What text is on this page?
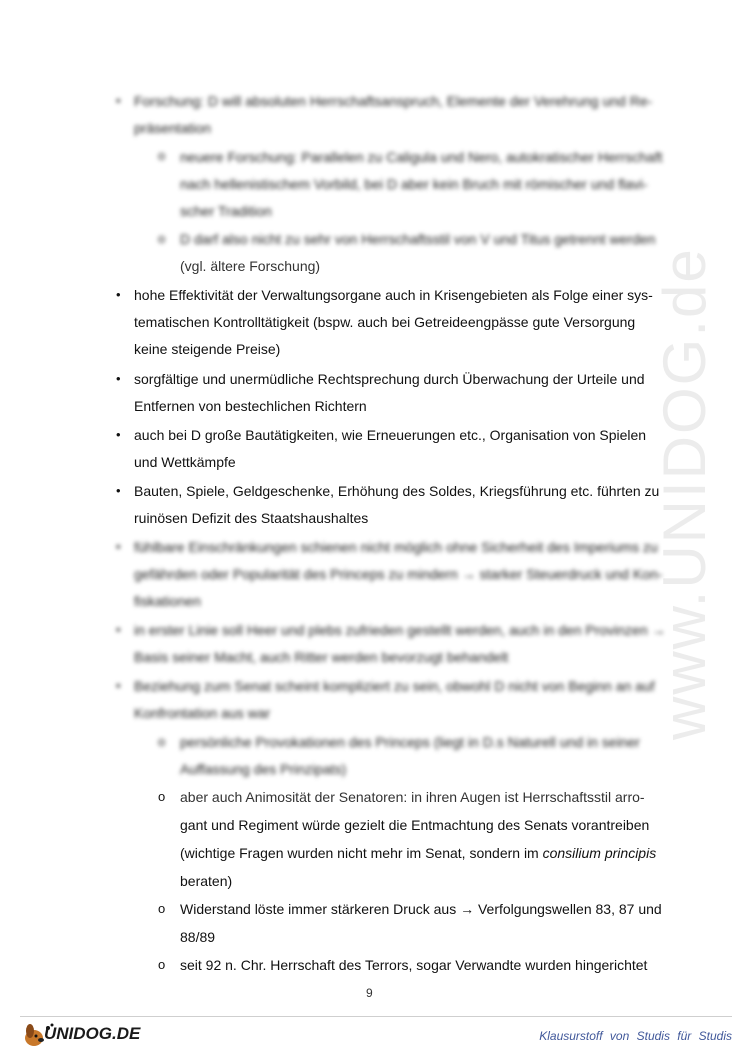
www.UNIDOG.de
• Forschung: D will absoluten Herrschaftsanspruch, Elemente der Verehrung und Re-
präsentation
o neuere Forschung: Parallelen zu Caligula und Nero, autokratischer Herrschaft
nach hellenistischem Vorbild, bei D aber kein Bruch mit römischer und flavi-
scher Tradition
o D darf also nicht zu sehr von Herrschaftsstil von V und Titus getrennt werden
(vgl. ältere Forschung)
• hohe Effektivität der Verwaltungsorgane auch in Krisengebieten als Folge einer sys-
tematischen Kontrolltätigkeit (bspw. auch bei Getreideengpässe gute Versorgung
keine steigende Preise)
• sorgfältige und unermüdliche Rechtsprechung durch Überwachung der Urteile und
Entfernen von bestechlichen Richtern
• auch bei D große Bautätigkeiten, wie Erneuerungen etc., Organisation von Spielen
und Wettkämpfe
• Bauten, Spiele, Geldgeschenke, Erhöhung des Soldes, Kriegsführung etc. führten zu
ruinösen Defizit des Staatshaushaltes
• fühlbare Einschränkungen schienen nicht möglich ohne Sicherheit des Imperiums zu
gefährden oder Popularität des Princeps zu mindern → starker Steuerdruck und Kon-
fiskationen
• in erster Linie soll Heer und plebs zufrieden gestellt werden, auch in den Provinzen →
Basis seiner Macht, auch Ritter werden bevorzugt behandelt
• Beziehung zum Senat scheint kompliziert zu sein, obwohl D nicht von Beginn an auf
Konfrontation aus war
o persönliche Provokationen des Princeps (liegt in D.s Naturell und in seiner
Auffassung des Prinzipats)
o aber auch Animosität der Senatoren: in ihren Augen ist Herrschaftsstil arro-
gant und Regiment würde gezielt die Entmachtung des Senats vorantreiben
(wichtige Fragen wurden nicht mehr im Senat, sondern im consilium principis
beraten)
o Widerstand löste immer stärkeren Druck aus → Verfolgungswellen 83, 87 und
88/89
o seit 92 n. Chr. Herrschaft des Terrors, sogar Verwandte wurden hingerichtet
9
UNIDOG.DE	Klausurstoff von Studis für Studis
